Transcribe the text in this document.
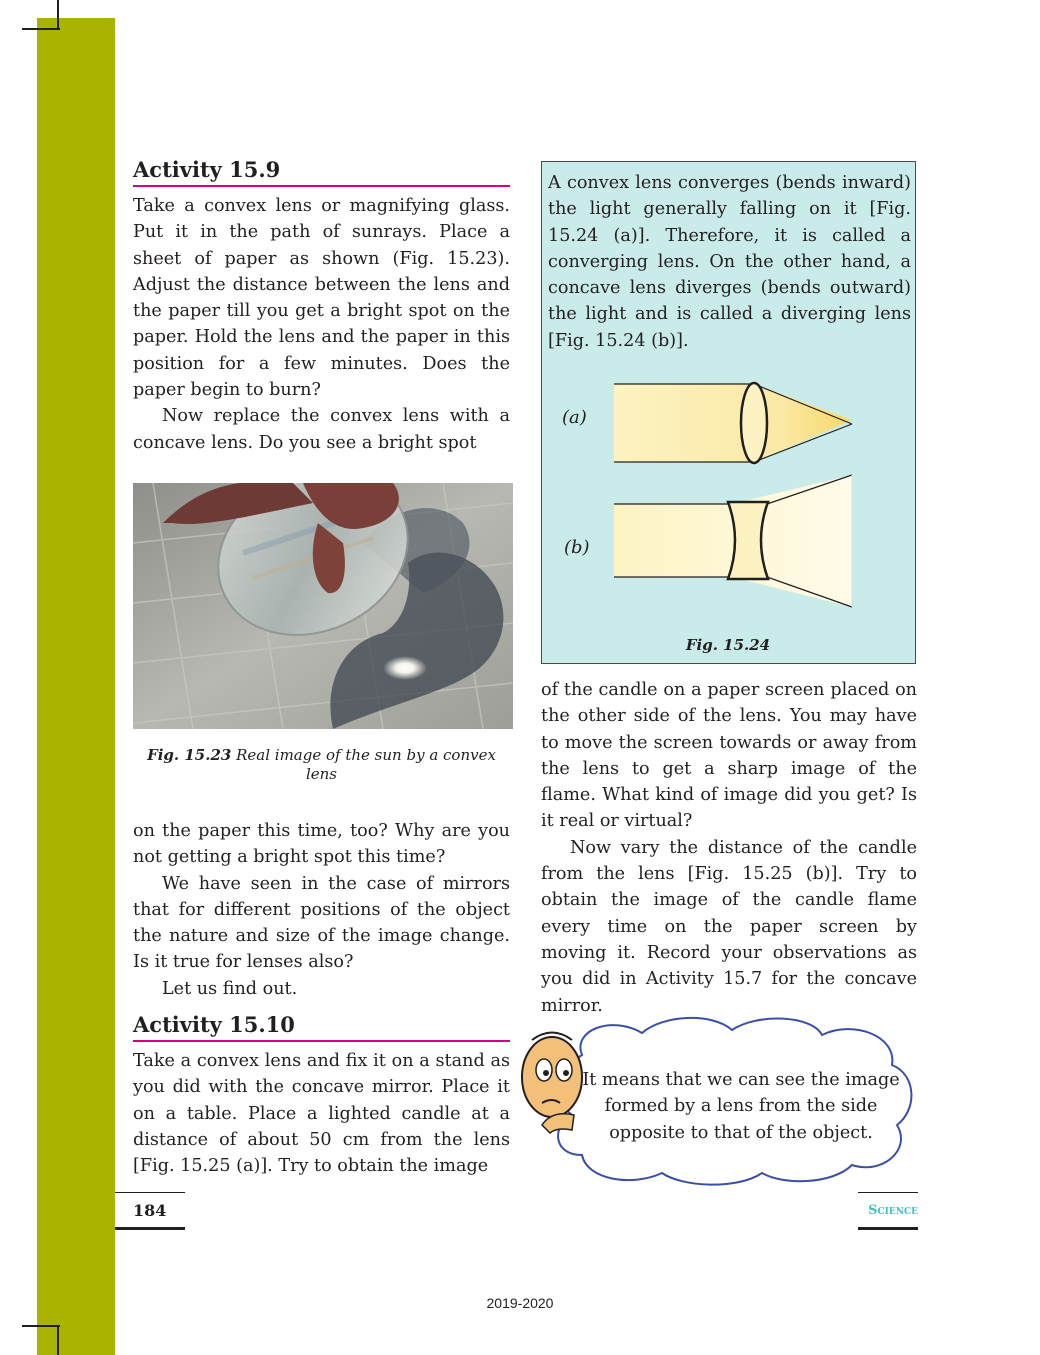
Activity 15.9

Take a convex lens or magnifying glass. Put it in the path of sunrays. Place a sheet of paper as shown (Fig. 15.23). Adjust the distance between the lens and the paper till you get a bright spot on the paper. Hold the lens and the paper in this position for a few minutes. Does the paper begin to burn?

Now replace the convex lens with a concave lens. Do you see a bright spot

Fig. 15.23 Real image of the sun by a convex lens

on the paper this time, too? Why are you not getting a bright spot this time?

We have seen in the case of mirrors that for different positions of the object the nature and size of the image change. Is it true for lenses also?

Let us find out.

Activity 15.10

Take a convex lens and fix it on a stand as you did with the concave mirror. Place it on a table. Place a lighted candle at a distance of about 50 cm from the lens [Fig. 15.25 (a)]. Try to obtain the image

A convex lens converges (bends inward) the light generally falling on it [Fig. 15.24 (a)]. Therefore, it is called a converging lens. On the other hand, a concave lens diverges (bends outward) the light and is called a diverging lens [Fig. 15.24 (b)].

(a)
(b)
Fig. 15.24

of the candle on a paper screen placed on the other side of the lens. You may have to move the screen towards or away from the lens to get a sharp image of the flame. What kind of image did you get? Is it real or virtual?

Now vary the distance of the candle from the lens [Fig. 15.25 (b)]. Try to obtain the image of the candle flame every time on the paper screen by moving it. Record your observations as you did in Activity 15.7 for the concave mirror.

It means that we can see the image formed by a lens from the side opposite to that of the object.
184	Science
2019-2020
